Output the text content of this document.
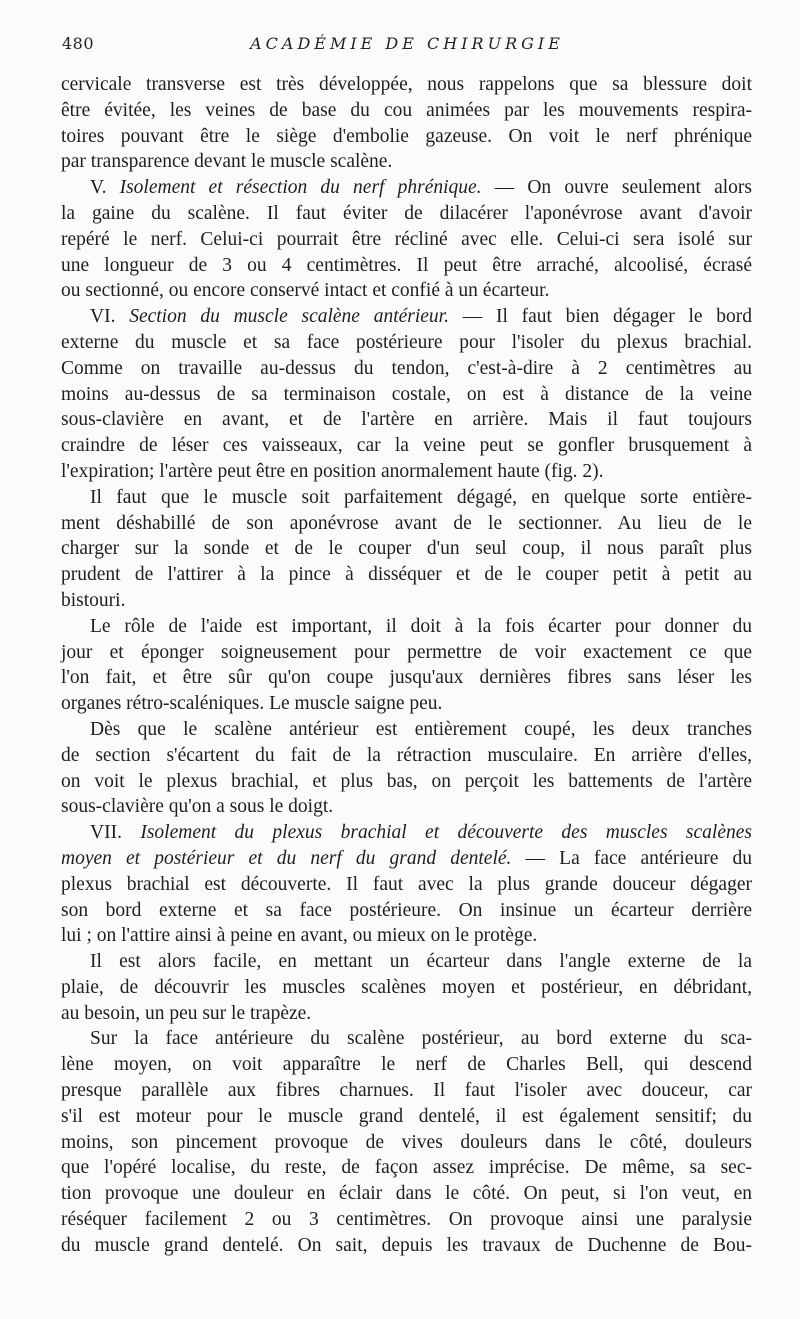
480	ACADÉMIE DE CHIRURGIE
cervicale transverse est très développée, nous rappelons que sa blessure doit
être évitée, les veines de base du cou animées par les mouvements respira-
toires pouvant être le siège d'embolie gazeuse. On voit le nerf phrénique
par transparence devant le muscle scalène.
V. Isolement et résection du nerf phrénique. — On ouvre seulement alors
la gaine du scalène. Il faut éviter de dilacérer l'aponévrose avant d'avoir
repéré le nerf. Celui-ci pourrait être récliné avec elle. Celui-ci sera isolé sur
une longueur de 3 ou 4 centimètres. Il peut être arraché, alcoolisé, écrasé
ou sectionné, ou encore conservé intact et confié à un écarteur.
VI. Section du muscle scalène antérieur. — Il faut bien dégager le bord
externe du muscle et sa face postérieure pour l'isoler du plexus brachial.
Comme on travaille au-dessus du tendon, c'est-à-dire à 2 centimètres au
moins au-dessus de sa terminaison costale, on est à distance de la veine
sous-clavière en avant, et de l'artère en arrière. Mais il faut toujours
craindre de léser ces vaisseaux, car la veine peut se gonfler brusquement à
l'expiration; l'artère peut être en position anormalement haute (fig. 2).
Il faut que le muscle soit parfaitement dégagé, en quelque sorte entière-
ment déshabillé de son aponévrose avant de le sectionner. Au lieu de le
charger sur la sonde et de le couper d'un seul coup, il nous paraît plus
prudent de l'attirer à la pince à disséquer et de le couper petit à petit au
bistouri.
Le rôle de l'aide est important, il doit à la fois écarter pour donner du
jour et éponger soigneusement pour permettre de voir exactement ce que
l'on fait, et être sûr qu'on coupe jusqu'aux dernières fibres sans léser les
organes rétro-scaléniques. Le muscle saigne peu.
Dès que le scalène antérieur est entièrement coupé, les deux tranches
de section s'écartent du fait de la rétraction musculaire. En arrière d'elles,
on voit le plexus brachial, et plus bas, on perçoit les battements de l'artère
sous-clavière qu'on a sous le doigt.
VII. Isolement du plexus brachial et découverte des muscles scalènes
moyen et postérieur et du nerf du grand dentelé. — La face antérieure du
plexus brachial est découverte. Il faut avec la plus grande douceur dégager
son bord externe et sa face postérieure. On insinue un écarteur derrière
lui ; on l'attire ainsi à peine en avant, ou mieux on le protège.
Il est alors facile, en mettant un écarteur dans l'angle externe de la
plaie, de découvrir les muscles scalènes moyen et postérieur, en débridant,
au besoin, un peu sur le trapèze.
Sur la face antérieure du scalène postérieur, au bord externe du sca-
lène moyen, on voit apparaître le nerf de Charles Bell, qui descend
presque parallèle aux fibres charnues. Il faut l'isoler avec douceur, car
s'il est moteur pour le muscle grand dentelé, il est également sensitif; du
moins, son pincement provoque de vives douleurs dans le côté, douleurs
que l'opéré localise, du reste, de façon assez imprécise. De même, sa sec-
tion provoque une douleur en éclair dans le côté. On peut, si l'on veut, en
réséquer facilement 2 ou 3 centimètres. On provoque ainsi une paralysie
du muscle grand dentelé. On sait, depuis les travaux de Duchenne de Bou-
